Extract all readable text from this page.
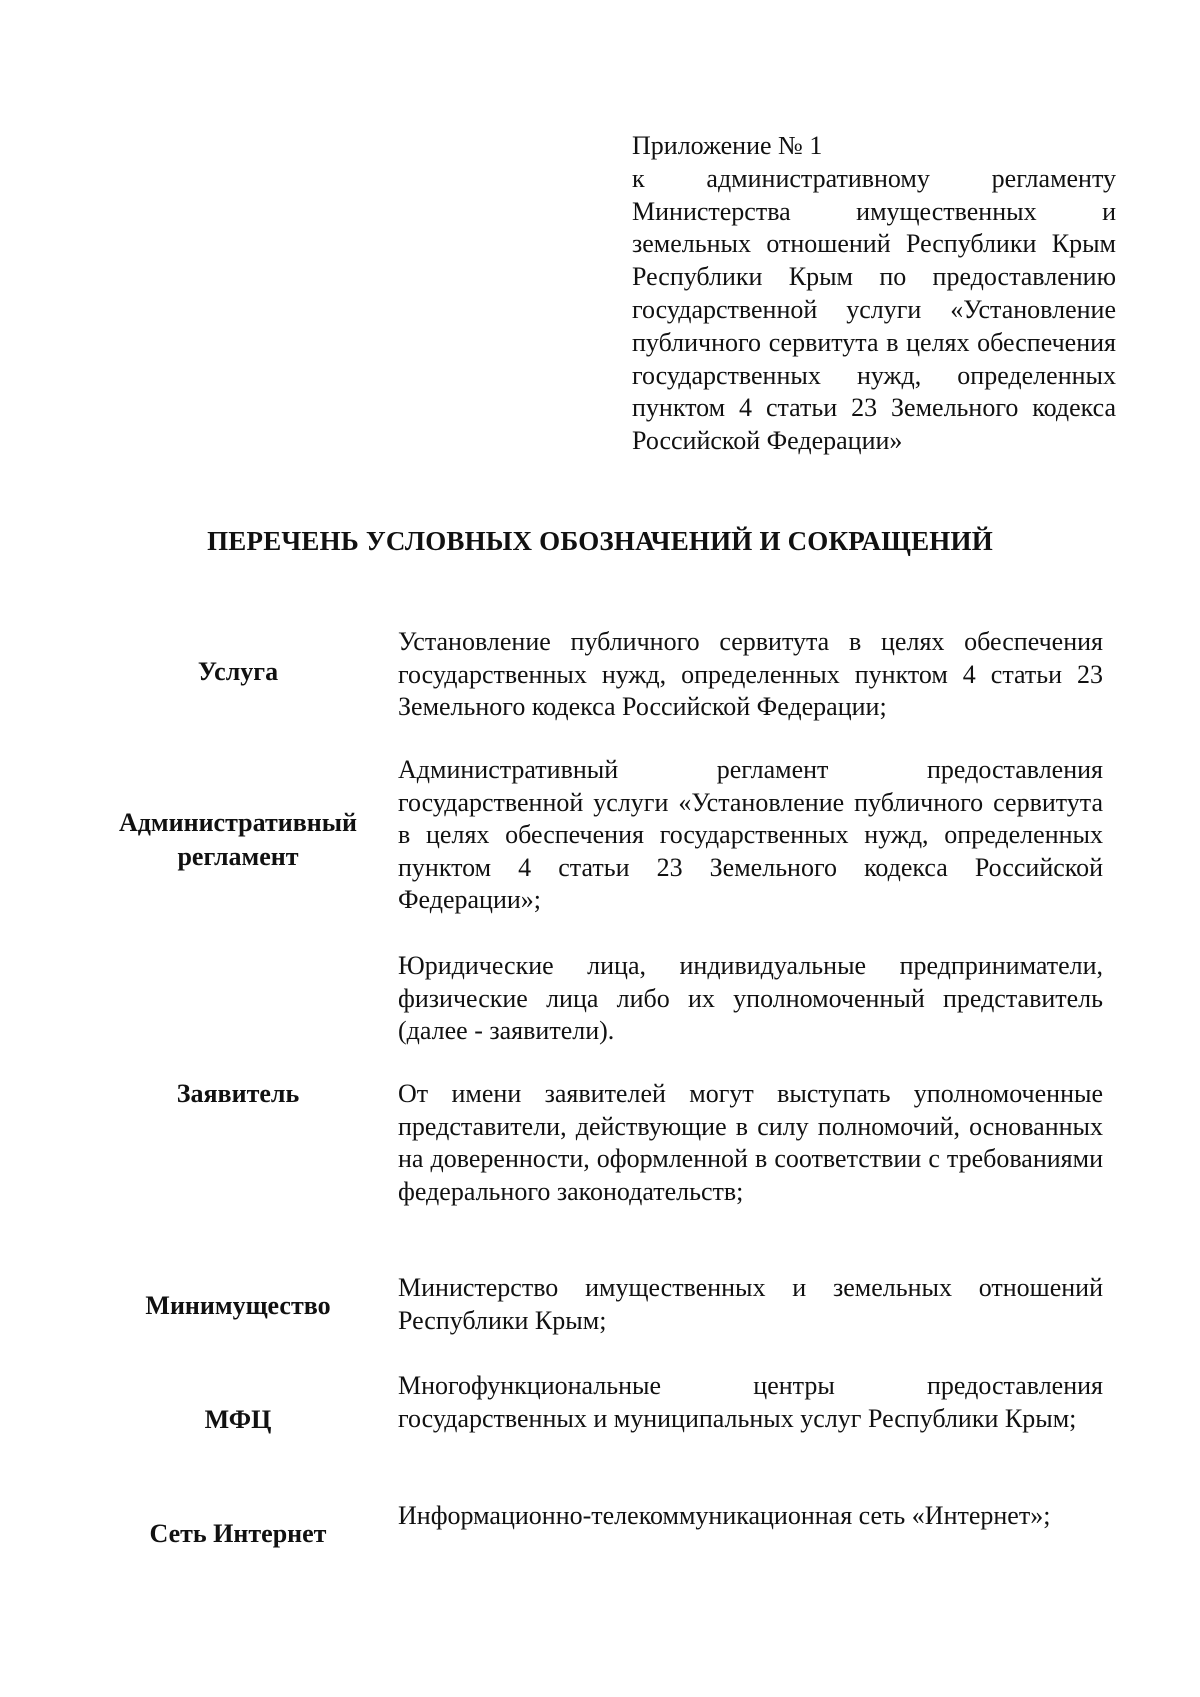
Приложение № 1

к административному регламенту Министерства имущественных и земельных отношений Республики Крым Республики Крым по предоставлению государственной услуги «Установление публичного сервитута в целях обеспечения государственных нужд, определенных пунктом 4 статьи 23 Земельного кодекса Российской Федерации»

ПЕРЕЧЕНЬ УСЛОВНЫХ ОБОЗНАЧЕНИЙ И СОКРАЩЕНИЙ
Услуга

Установление публичного сервитута в целях обеспечения государственных нужд, определенных пунктом 4 статьи 23 Земельного кодекса Российской Федерации;

Административный регламент

Административный регламент предоставления государственной услуги «Установление публичного сервитута в целях обеспечения государственных нужд, определенных пунктом 4 статьи 23 Земельного кодекса Российской Федерации»;

Юридические лица, индивидуальные предприниматели, физические лица либо их уполномоченный представитель (далее - заявители).

Заявитель	От имени заявителей могут выступать уполномоченные представители, действующие в силу полномочий, основанных на доверенности, оформленной в соответствии с требованиями федерального законодательств;

Минимущество

Министерство имущественных и земельных отношений Республики Крым;

МФЦ

Многофункциональные центры предоставления государственных и муниципальных услуг Республики Крым;

Сеть Интернет

Информационно-телекоммуникационная сеть «Интернет»;
